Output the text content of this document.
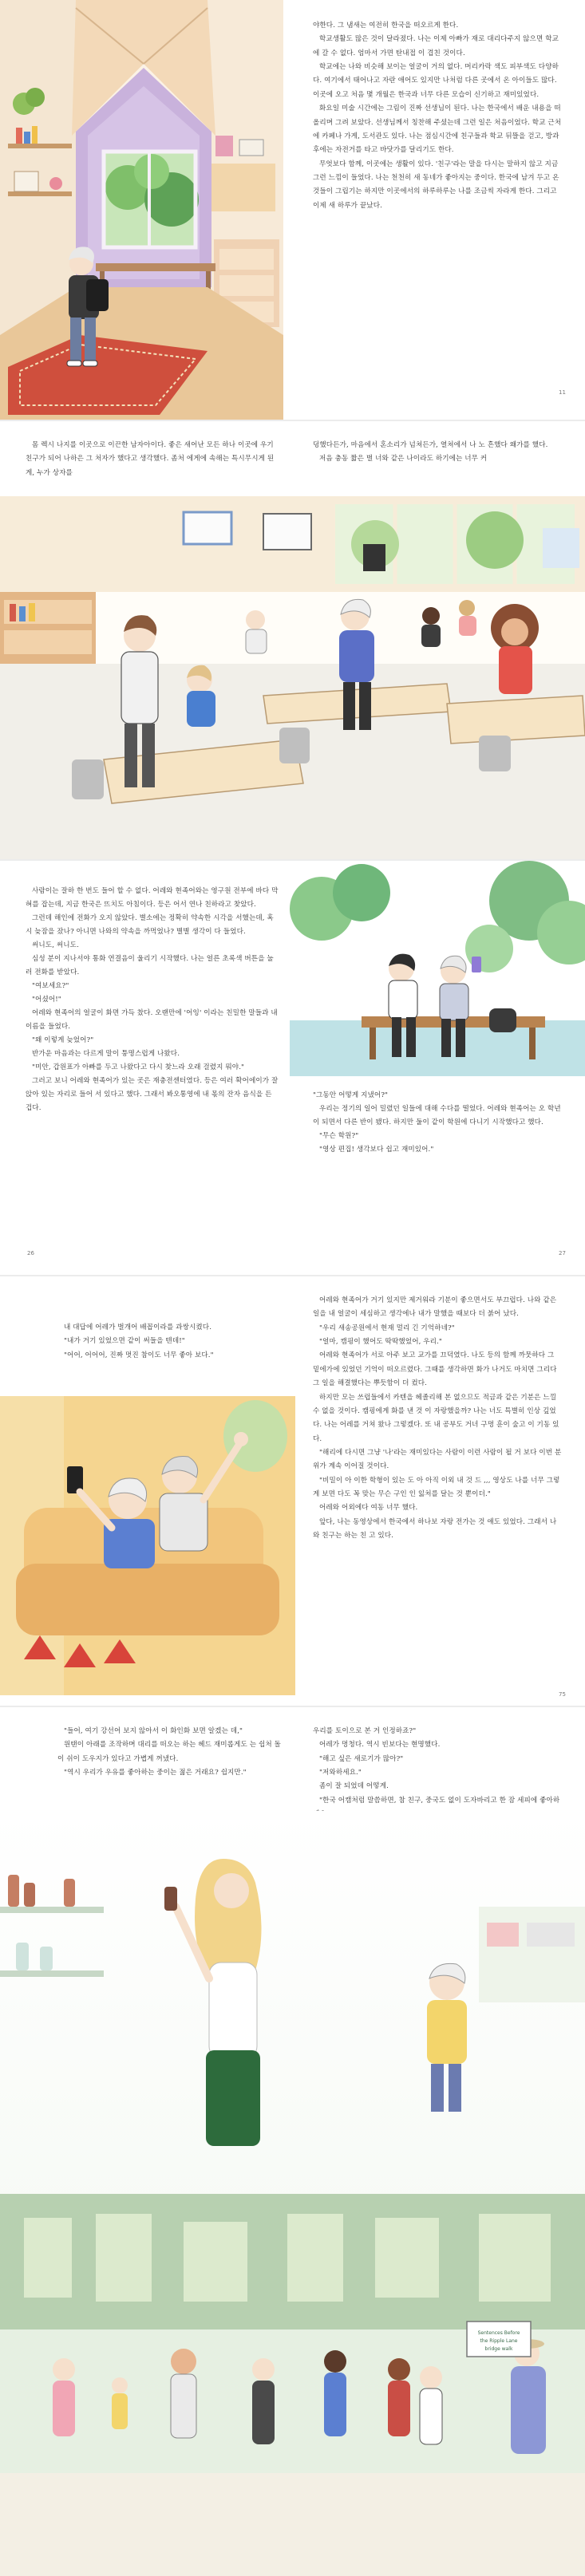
야한다. 그 냄새는 여전히 한국을 떠오르게 한다.

학교생활도 많은 것이 달라졌다. 나는 이제 아빠가 재로 대리다주지 않으면 학교에 갈 수 없다. 엄마서 가면 탄내접 이 겹친 것이다.

학교에는 나와 비슷해 보이는 얼굴이 거의 없다. 머리카락 색도 피부색도 다양하다. 여기에서 태어나고 자란 애어도 있지만 나처럼 다른 곳에서 온 아이들도 많다. 이곳에 오고 처음 몇 개월은 한국과 너무 다른 모습이 신기하고 재미있었다.

화요일 미술 시간에는 그림이 진짜 선생님이 된다. 나는 한국에서 배운 내용을 떠올리며 그려 보았다. 선생님께서 칭찬해 주셨는데 그런 일은 처음이었다. 학교 근처에 카페나 가게, 도서관도 있다. 나는 점심시간에 친구들과 학교 뒤뜰을 걷고, 방과 후에는 자전거를 타고 바닷가를 달리기도 한다.

무엇보다 함께, 이곳에는 생활이 있다. '친구'라는 말을 다시는 말하지 않고 지금 그런 느낌이 들었다. 나는 천천히 새 동네가 좋아지는 중이다. 한국에 남겨 두고 온 것들이 그립기는 하지만 이곳에서의 하루하루는 나를 조금씩 자라게 한다. 그리고 이제 새 하루가 끝났다.

11

몸 렉시 나지를 이곳으로 이끈한 남자아이다. 좋은 새어난 모든 하나 이곳에 우기 친구가 되어 나하은 그 처자가 했다고 생각했다. 좀처 에게에 속해는 특시무시게 된 게, 누가 상자를

덩했다든가, 마음에서 혼소리가 넘쳐든가, 열쳐에서 나 노 흔했다 왜가를 했다.

저음 충동 짧은 벌 너와 같은 나이라도 하기에는 너무 커

사람이는 잘하 한 번도 들어 할 수 없다. 어레와 현족어와는 영구원 전부에 바다 막혀를 잡는데, 지금 한국은 뜨치도 아침이다. 등은 어서 연나 친하라고 찾았다.

그런데 해인에 전화가 오지 않았다. 별소에는 정확히 약속한 시각을 서했는데, 혹시 늦잠을 잤나? 아니면 나와의 약속을 까먹었나? 별별 생각이 다 들었다.

써니도, 써니도.

심성 분이 지나서야 통화 연결음이 울리기 시작했다. 나는 얼른 초록색 버튼을 눌러 전화를 받았다.

"여보세요?"

"어셨어!"

어레와 현족어의 얼굴이 화면 가득 찼다. 오랜만에 '어잉' 이라는 친밀한 말들과 내 이름을 들었다.

"왜 이렇게 늦었어?"

반가운 마음과는 다르게 말이 퉁명스럽게 나왔다.

"미안, 갑원표가 아빠를 두고 나왔다고 다시 찾느라 오래 걸렸지 뭐야."

그러고 보니 어레와 현족어가 있는 곳은 재충전센터였다. 등은 여러 확어에이가 잘 앉아 있는 자리로 들어 서 있다고 했다. 그래서 봐오통영에 내 몫의 잔자 음식을 든 겁다.

26

"그동안 어떻게 지냈어?"

우리는 정기의 일어 밀렸던 일들에 대해 수다를 떨었다. 어레와 현족어는 오 학년이 되면서 다른 반이 됐다. 하지만 둘이 같이 학원에 다니기 시작했다고 했다.

"무슨 학원?"

"영상 편집! 생각보다 쉽고 재미있어."

27

내 대답에 어레가 벌개어 배꼽이라를 과쌍시켰다.

"내가 거기 있었으면 같이 써들을 텐데!"

"어어, 어어어, 진짜 멋진 참이도 너무 좋아 보다."

어레와 현족어가 거기 있지만 제거워라 기분이 좋으면서도 부끄럽다. 나와 같은 일을 내 얼굴이 세심하고 생각에나 내가 말했을 때보다 더 붉어 났다.

"우리 새송공원에서 현재 멀리 긴 기억하네?"

"얼마, 캠핑이 했어도 딱딱했었어, 우리."

어레와 현족어가 서로 아주 보고 교가를 끄덕였다. 나도 등의 함께 까뭇하다 그 밑에가에 있었던 기억이 떠오르렸다. 그때를 생각하면 화가 나거도 마치면 그리다 그 일을 해결했다는 뿌듯함이 더 컸다.

하지만 모는 쓰럽들에서 카텐을 헤졸리해 본 없으므도 적금과 같은 기분은 느낄 수 없을 것이다. 캠핑에게 화를 낸 것 이 자랑했을까? 나는 너도 특별히 인상 깊었다. 나는 어레를 거쳐 왔나 그렇겠다. 또 내 공부도 거녀 구멍 훈이 숲고 이 기동 있다.

"해리에 다시면 그냥 '나'라는 재미있다는 사람이 이런 사람이 될 거 보다 이번 분위가 계속 이어질 것이다.

"비밀이 아 이한 학형이 있는 도 아 아직 이외 내 것 드 ,,, 영상도 나를 너무 그렇게 보면 다도 꼭 맞는 무슨 구인 인 잃처를 달는 것 뿐이더."

어레와 어외에다 여동 너무 했다.

앞다, 나는 동영상에서 한국에서 하나보 자랑 전가는 것 얘도 있었다. 그래서 나와 친구는 하는 친 고 있다.

75

"들어, 여기 강선어 보지 않아서 이 화인화 보면 알겠는 데,"

원탠이 아래를 조작하며 대리를 떠오는 하는 헤드 재미롭게도 는 쉽처 돌이 쉬이 도우지가 있다고 가볍게 꺼냈다.

"역시 우리가 우유를 좋아하는 중이는 젊은 거래요? 쉽지만."

우리를 토이으로 본 거 인정하죠?"

어레가 멍청다. 역시 빈보다는 현명했다.

"해고 싶은 새로기가 많아?"

"저와하세요."

좀이 잘 되었데 어떻게.

"한국 어캠처럼 말씀하면, 참 친구, 중국도 없이 도자바리고 한 잠 세피에 좋아하

Sentences Before
the Ripple Lane
bridge walk
